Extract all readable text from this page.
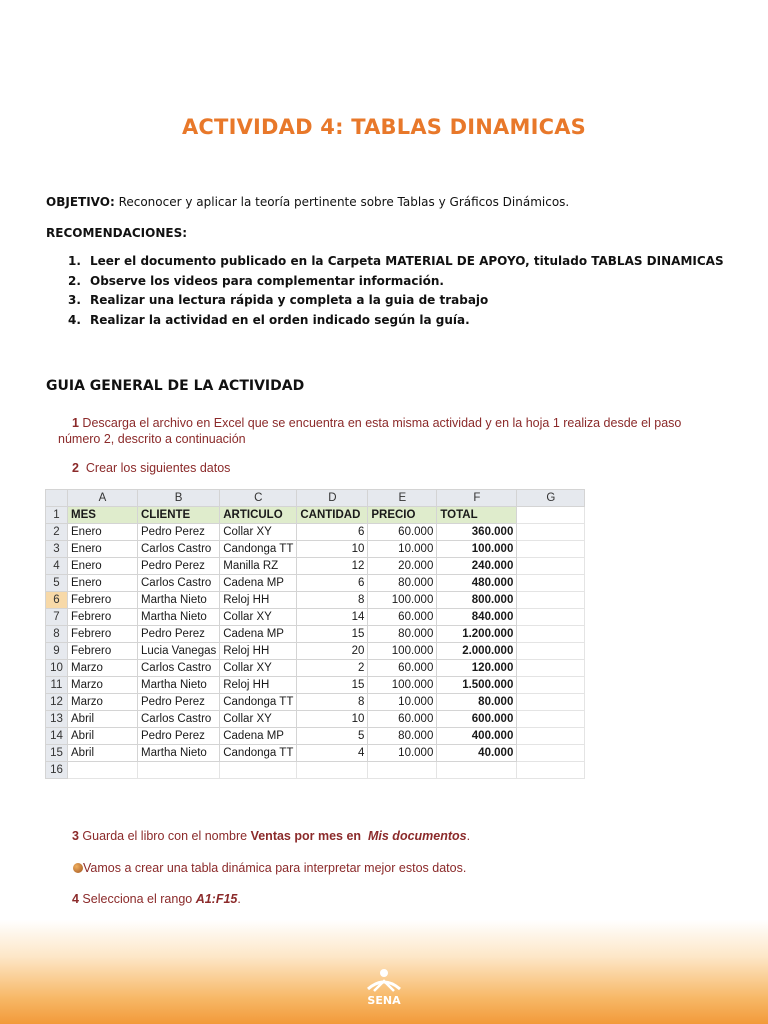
ACTIVIDAD 4: TABLAS DINAMICAS
OBJETIVO: Reconocer y aplicar la teoría pertinente sobre Tablas y Gráficos Dinámicos.
RECOMENDACIONES:
1. Leer el documento publicado en la Carpeta MATERIAL DE APOYO, titulado TABLAS DINAMICAS
2. Observe los videos para complementar información.
3. Realizar una lectura rápida y completa a la guia de trabajo
4. Realizar la actividad en el orden indicado según la guía.
GUIA GENERAL DE LA ACTIVIDAD
1 Descarga el archivo en Excel que se encuentra en esta misma actividad y en la hoja 1 realiza desde el paso
número 2, descrito a continuación
2  Crear los siguientes datos
	A	B	C	D	E	F	G
1	MES	CLIENTE	ARTICULO	CANTIDAD	PRECIO	TOTAL	
2	Enero	Pedro Perez	Collar XY	6	60.000	360.000	
3	Enero	Carlos Castro	Candonga TT	10	10.000	100.000	
4	Enero	Pedro Perez	Manilla RZ	12	20.000	240.000	
5	Enero	Carlos Castro	Cadena MP	6	80.000	480.000	
6	Febrero	Martha Nieto	Reloj HH	8	100.000	800.000	
7	Febrero	Martha Nieto	Collar XY	14	60.000	840.000	
8	Febrero	Pedro Perez	Cadena MP	15	80.000	1.200.000	
9	Febrero	Lucia Vanegas	Reloj HH	20	100.000	2.000.000	
10	Marzo	Carlos Castro	Collar XY	2	60.000	120.000	
11	Marzo	Martha Nieto	Reloj HH	15	100.000	1.500.000	
12	Marzo	Pedro Perez	Candonga TT	8	10.000	80.000	
13	Abril	Carlos Castro	Collar XY	10	60.000	600.000	
14	Abril	Pedro Perez	Cadena MP	5	80.000	400.000	
15	Abril	Martha Nieto	Candonga TT	4	10.000	40.000	
16							
3 Guarda el libro con el nombre Ventas por mes en Mis documentos.
Vamos a crear una tabla dinámica para interpretar mejor estos datos.
4 Selecciona el rango A1:F15.
SENA
